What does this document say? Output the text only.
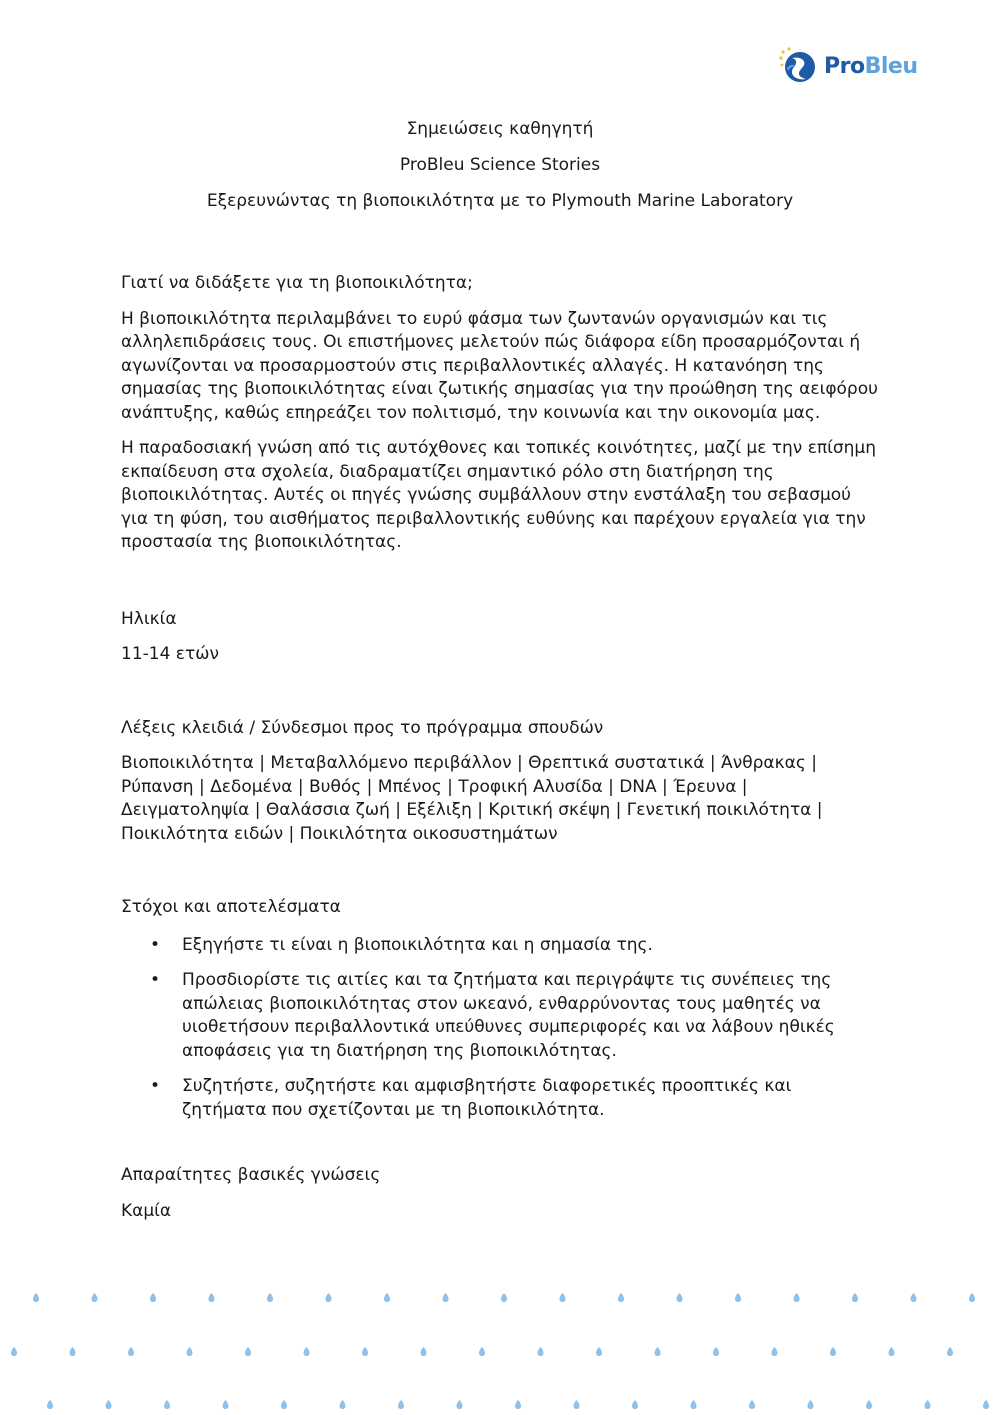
ProBleu

Σημειώσεις καθηγητή

ProBleu Science Stories

Εξερευνώντας τη βιοποικιλότητα με το Plymouth Marine Laboratory

Γιατί να διδάξετε για τη βιοποικιλότητα;

Η βιοποικιλότητα περιλαμβάνει το ευρύ φάσμα των ζωντανών οργανισμών και τις αλληλεπιδράσεις τους. Οι επιστήμονες μελετούν πώς διάφορα είδη προσαρμόζονται ή αγωνίζονται να προσαρμοστούν στις περιβαλλοντικές αλλαγές. Η κατανόηση της σημασίας της βιοποικιλότητας είναι ζωτικής σημασίας για την προώθηση της αειφόρου ανάπτυξης, καθώς επηρεάζει τον πολιτισμό, την κοινωνία και την οικονομία μας.

Η παραδοσιακή γνώση από τις αυτόχθονες και τοπικές κοινότητες, μαζί με την επίσημη εκπαίδευση στα σχολεία, διαδραματίζει σημαντικό ρόλο στη διατήρηση της βιοποικιλότητας. Αυτές οι πηγές γνώσης συμβάλλουν στην ενστάλαξη του σεβασμού για τη φύση, του αισθήματος περιβαλλοντικής ευθύνης και παρέχουν εργαλεία για την προστασία της βιοποικιλότητας.

Ηλικία

11-14 ετών

Λέξεις κλειδιά / Σύνδεσμοι προς το πρόγραμμα σπουδών

Βιοποικιλότητα | Μεταβαλλόμενο περιβάλλον | Θρεπτικά συστατικά | Άνθρακας | Ρύπανση | Δεδομένα | Βυθός | Μπένος | Τροφική Αλυσίδα | DNA | Έρευνα | Δειγματοληψία | Θαλάσσια ζωή | Εξέλιξη | Κριτική σκέψη | Γενετική ποικιλότητα | Ποικιλότητα ειδών | Ποικιλότητα οικοσυστημάτων

Στόχοι και αποτελέσματα

• Εξηγήστε τι είναι η βιοποικιλότητα και η σημασία της.
• Προσδιορίστε τις αιτίες και τα ζητήματα και περιγράψτε τις συνέπειες της απώλειας βιοποικιλότητας στον ωκεανό, ενθαρρύνοντας τους μαθητές να υιοθετήσουν περιβαλλοντικά υπεύθυνες συμπεριφορές και να λάβουν ηθικές αποφάσεις για τη διατήρηση της βιοποικιλότητας.
• Συζητήστε, συζητήστε και αμφισβητήστε διαφορετικές προοπτικές και ζητήματα που σχετίζονται με τη βιοποικιλότητα.

Απαραίτητες βασικές γνώσεις

Καμία
